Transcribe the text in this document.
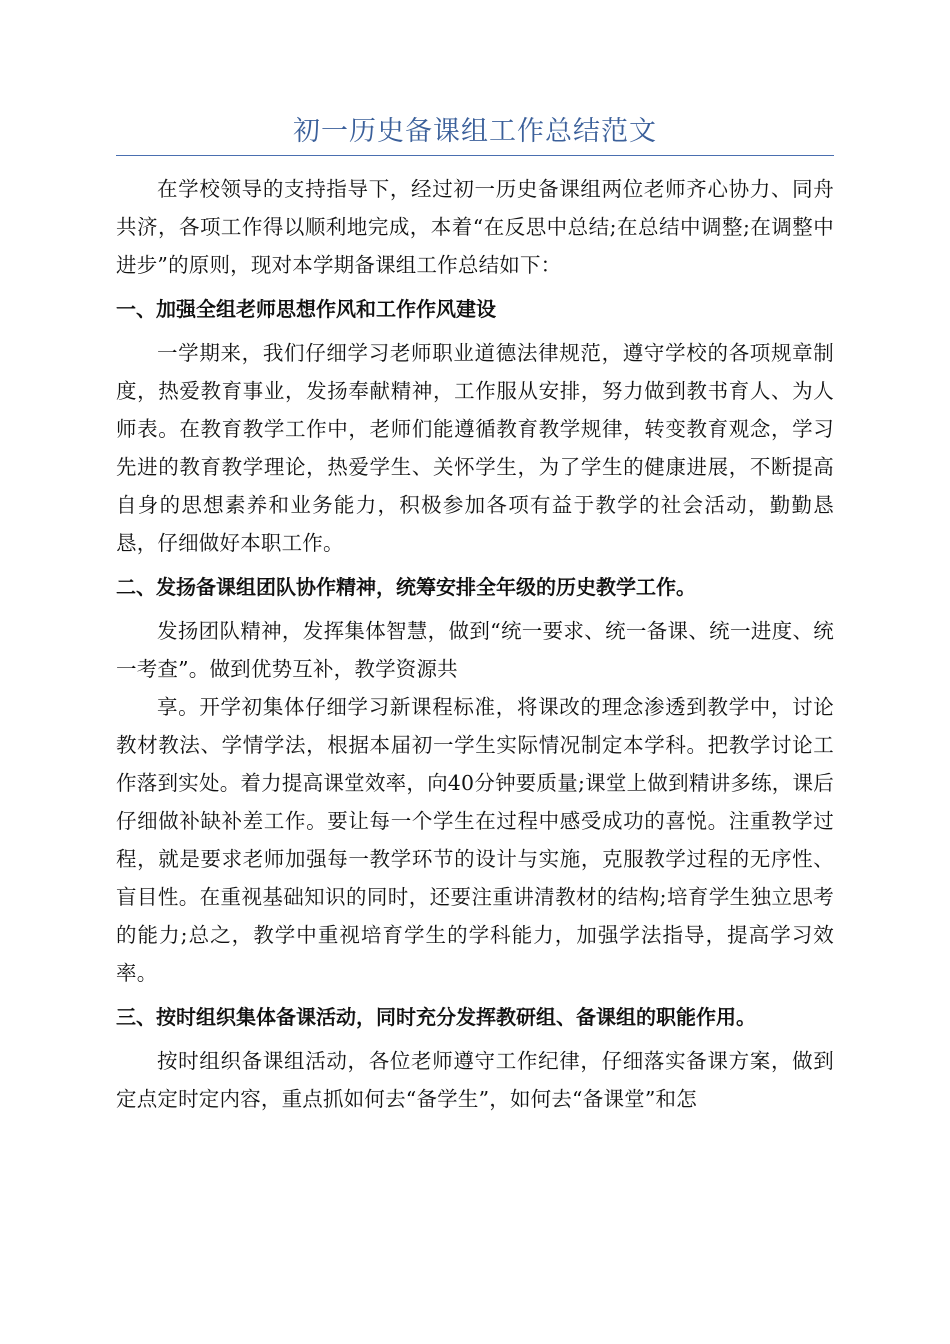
初一历史备课组工作总结范文

在学校领导的支持指导下，经过初一历史备课组两位老师齐心协力、同舟共济，各项工作得以顺利地完成，本着“在反思中总结;在总结中调整;在调整中进步”的原则，现对本学期备课组工作总结如下：

一、加强全组老师思想作风和工作作风建设

一学期来，我们仔细学习老师职业道德法律规范，遵守学校的各项规章制度，热爱教育事业，发扬奉献精神，工作服从安排，努力做到教书育人、为人师表。在教育教学工作中，老师们能遵循教育教学规律，转变教育观念，学习先进的教育教学理论，热爱学生、关怀学生，为了学生的健康进展，不断提高自身的思想素养和业务能力，积极参加各项有益于教学的社会活动，勤勤恳恳，仔细做好本职工作。

二、发扬备课组团队协作精神，统筹安排全年级的历史教学工作。

发扬团队精神，发挥集体智慧，做到“统一要求、统一备课、统一进度、统一考查”。做到优势互补，教学资源共

享。开学初集体仔细学习新课程标准，将课改的理念渗透到教学中，讨论教材教法、学情学法，根据本届初一学生实际情况制定本学科。把教学讨论工作落到实处。着力提高课堂效率，向40分钟要质量;课堂上做到精讲多练，课后仔细做补缺补差工作。要让每一个学生在过程中感受成功的喜悦。注重教学过程，就是要求老师加强每一教学环节的设计与实施，克服教学过程的无序性、盲目性。在重视基础知识的同时，还要注重讲清教材的结构;培育学生独立思考的能力;总之，教学中重视培育学生的学科能力，加强学法指导，提高学习效率。

三、按时组织集体备课活动，同时充分发挥教研组、备课组的职能作用。

按时组织备课组活动，各位老师遵守工作纪律，仔细落实备课方案，做到定点定时定内容，重点抓如何去“备学生”，如何去“备课堂”和怎
